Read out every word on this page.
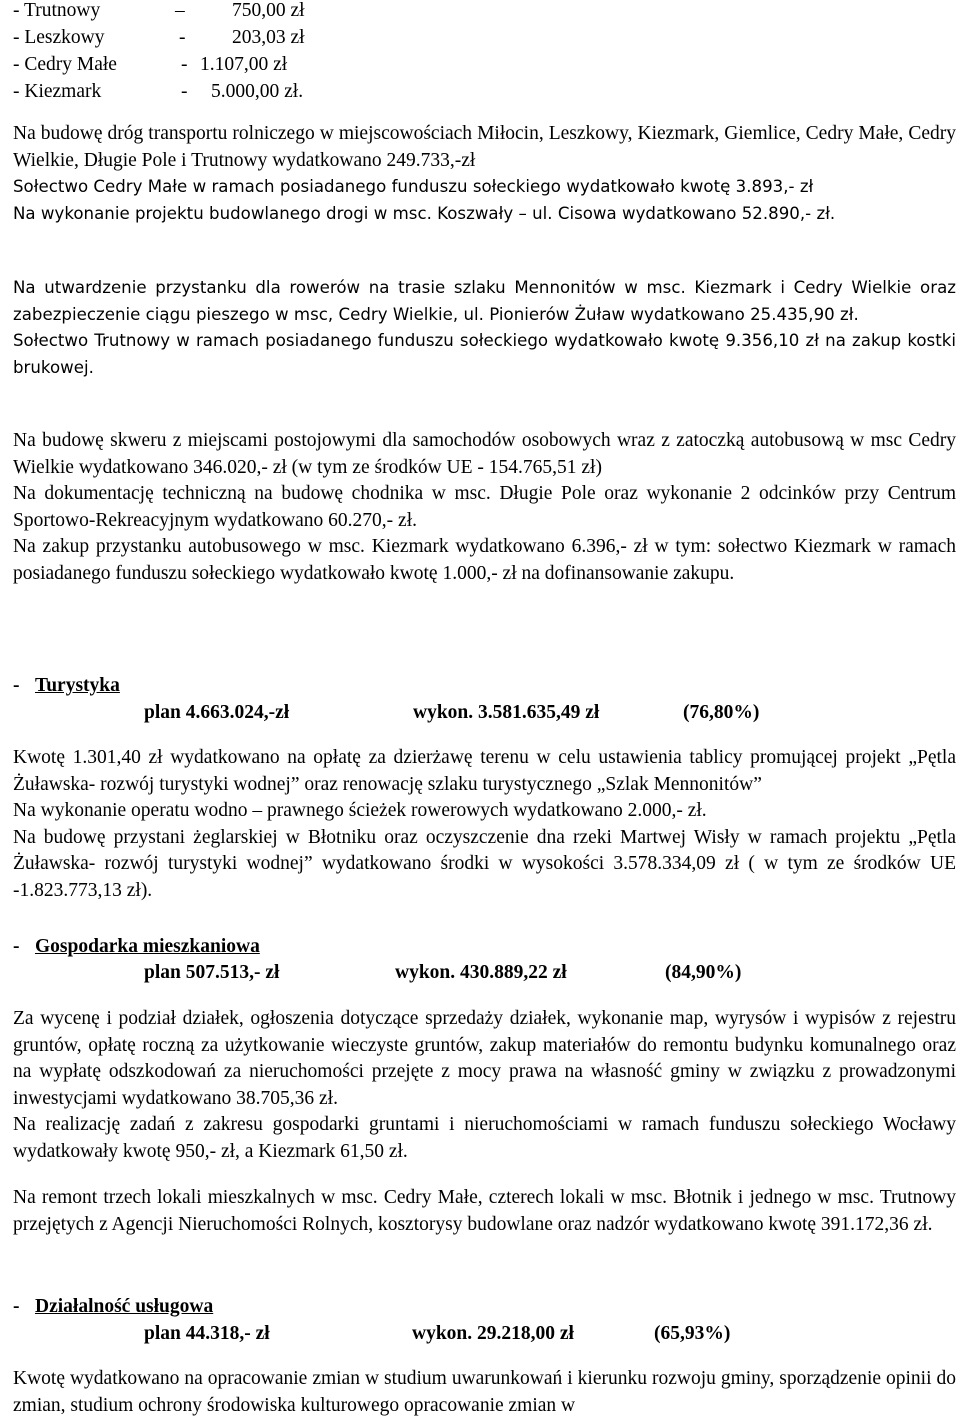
- Trutnowy	– 750,00 zł
- Leszkowy	- 203,03 zł
- Cedry Małe	- 1.107,00 zł
- Kiezmark	- 5.000,00 zł.

Na budowę dróg transportu rolniczego w miejscowościach Miłocin, Leszkowy, Kiezmark, Giemlice, Cedry Małe, Cedry Wielkie, Długie Pole i Trutnowy wydatkowano 249.733,-zł

Sołectwo Cedry Małe w ramach posiadanego funduszu sołeckiego wydatkowało kwotę 3.893,- zł

Na wykonanie projektu budowlanego drogi w msc. Koszwały – ul. Cisowa wydatkowano 52.890,- zł.

Na utwardzenie przystanku dla rowerów na trasie szlaku Mennonitów w msc. Kiezmark i Cedry Wielkie oraz zabezpieczenie ciągu pieszego w msc, Cedry Wielkie, ul. Pionierów Żuław wydatkowano 25.435,90 zł.

Sołectwo Trutnowy w ramach posiadanego funduszu sołeckiego wydatkowało kwotę 9.356,10 zł na zakup kostki brukowej.

Na budowę skweru z miejscami postojowymi dla samochodów osobowych wraz z zatoczką autobusową w msc Cedry Wielkie wydatkowano 346.020,- zł (w tym ze środków UE - 154.765,51 zł)

Na dokumentację techniczną na budowę chodnika w msc. Długie Pole oraz wykonanie 2 odcinków przy Centrum Sportowo-Rekreacyjnym wydatkowano 60.270,- zł.

Na zakup przystanku autobusowego w msc. Kiezmark wydatkowano 6.396,- zł w tym: sołectwo Kiezmark w ramach posiadanego funduszu sołeckiego wydatkowało kwotę 1.000,- zł na dofinansowanie zakupu.

- Turystyka
plan 4.663.024,-zł	wykon. 3.581.635,49 zł	(76,80%)

Kwotę 1.301,40 zł wydatkowano na opłatę za dzierżawę terenu w celu ustawienia tablicy promującej projekt „Pętla Żuławska- rozwój turystyki wodnej” oraz renowację szlaku turystycznego „Szlak Mennonitów”

Na wykonanie operatu wodno – prawnego ścieżek rowerowych wydatkowano 2.000,- zł.

Na budowę przystani żeglarskiej w Błotniku oraz oczyszczenie dna rzeki Martwej Wisły w ramach projektu „Pętla Żuławska- rozwój turystyki wodnej” wydatkowano środki w wysokości 3.578.334,09 zł ( w tym ze środków UE -1.823.773,13 zł).

- Gospodarka mieszkaniowa
plan 507.513,- zł	wykon. 430.889,22 zł	(84,90%)

Za wycenę i podział działek, ogłoszenia dotyczące sprzedaży działek, wykonanie map, wyrysów i wypisów z rejestru gruntów, opłatę roczną za użytkowanie wieczyste gruntów, zakup materiałów do remontu budynku komunalnego oraz na wypłatę odszkodowań za nieruchomości przejęte z mocy prawa na własność gminy w związku z prowadzonymi inwestycjami wydatkowano 38.705,36 zł.

Na realizację zadań z zakresu gospodarki gruntami i nieruchomościami w ramach funduszu sołeckiego Wocławy wydatkowały kwotę 950,- zł, a Kiezmark 61,50 zł.

Na remont trzech lokali mieszkalnych w msc. Cedry Małe, czterech lokali w msc. Błotnik i jednego w msc. Trutnowy przejętych z Agencji Nieruchomości Rolnych, kosztorysy budowlane oraz nadzór wydatkowano kwotę 391.172,36 zł.

- Działalność usługowa
plan 44.318,- zł	wykon. 29.218,00 zł	(65,93%)

Kwotę wydatkowano na opracowanie zmian w studium uwarunkowań i kierunku rozwoju gminy, sporządzenie opinii do zmian, studium ochrony środowiska kulturowego opracowanie zmian w
